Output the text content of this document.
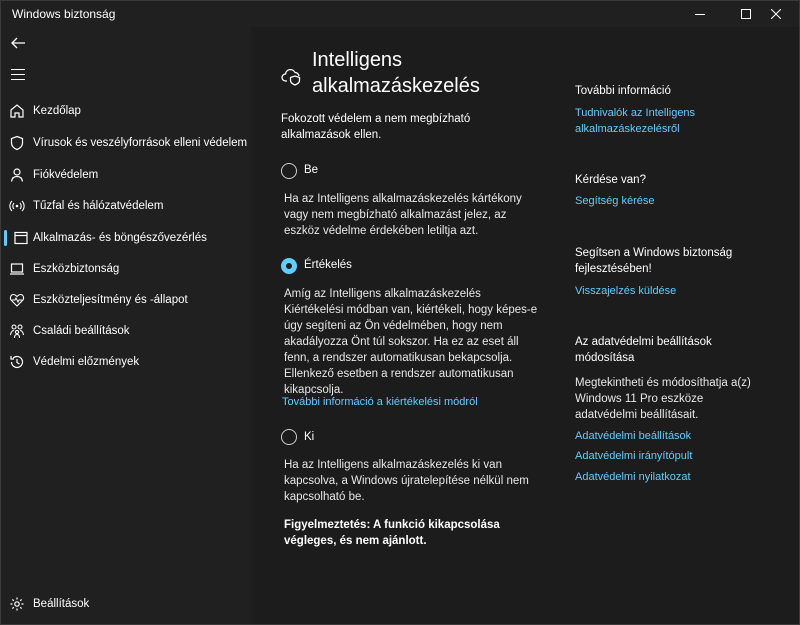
Windows biztonság
Kezdőlap
Vírusok és veszélyforrások elleni védelem
Fiókvédelem
Tűzfal és hálózatvédelem
Alkalmazás- és böngészővezérlés
Eszközbiztonság
Eszközteljesítmény és -állapot
Családi beállítások
Védelmi előzmények
Beállítások
Intelligens alkalmazáskezelés
Fokozott védelem a nem megbízható alkalmazások ellen.
Be
Ha az Intelligens alkalmazáskezelés kártékony vagy nem megbízható alkalmazást jelez, az eszköz védelme érdekében letiltja azt.
Értékelés
Amíg az Intelligens alkalmazáskezelés Kiértékelési módban van, kiértékeli, hogy képes-e úgy segíteni az Ön védelmében, hogy nem akadályozza Önt túl sokszor. Ha ez az eset áll fenn, a rendszer automatikusan bekapcsolja. Ellenkező esetben a rendszer automatikusan kikapcsolja.
További információ a kiértékelési módról
Ki
Ha az Intelligens alkalmazáskezelés ki van kapcsolva, a Windows újratelepítése nélkül nem kapcsolható be.
Figyelmeztetés: A funkció kikapcsolása végleges, és nem ajánlott.
További információ
Tudnivalók az Intelligens alkalmazáskezelésről
Kérdése van?
Segítség kérése
Segítsen a Windows biztonság fejlesztésében!
Visszajelzés küldése
Az adatvédelmi beállítások módosítása
Megtekintheti és módosíthatja a(z) Windows 11 Pro eszköze adatvédelmi beállításait.
Adatvédelmi beállítások
Adatvédelmi irányítópult
Adatvédelmi nyilatkozat
